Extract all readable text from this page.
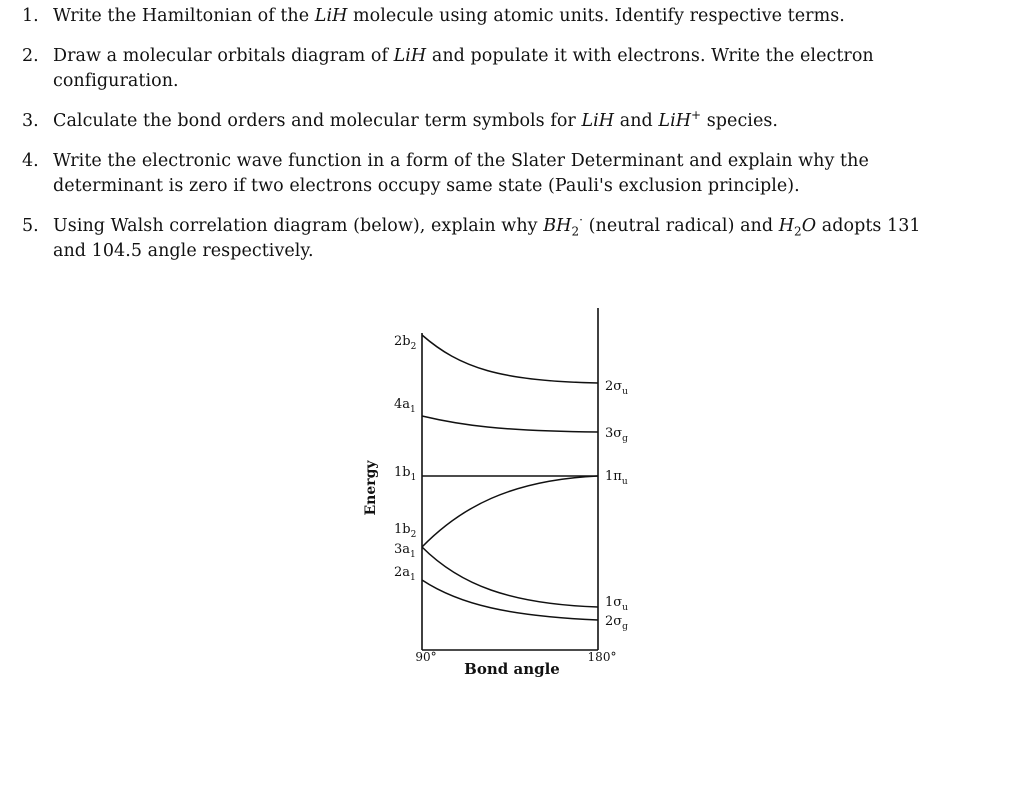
1. Write the Hamiltonian of the LiH molecule using atomic units. Identify respective terms.
2. Draw a molecular orbitals diagram of LiH and populate it with electrons. Write the electron configuration.
3. Calculate the bond orders and molecular term symbols for LiH and LiH+ species.
4. Write the electronic wave function in a form of the Slater Determinant and explain why the determinant is zero if two electrons occupy same state (Pauli's exclusion principle).
5. Using Walsh correlation diagram (below), explain why $BH_2^\cdot$ (neutral radical) and $H_2O$ adopts 131 and 104.5 angle respectively.
$2b_2$
$4a_1$
$1b_1$
$1b_2$
$3a_1$
$2a_1$
$2\sigma_u$
$3\sigma_g$
$1\pi_u$
$1\sigma_u$
$2\sigma_g$
Energy
90°	180°
Bond angle
